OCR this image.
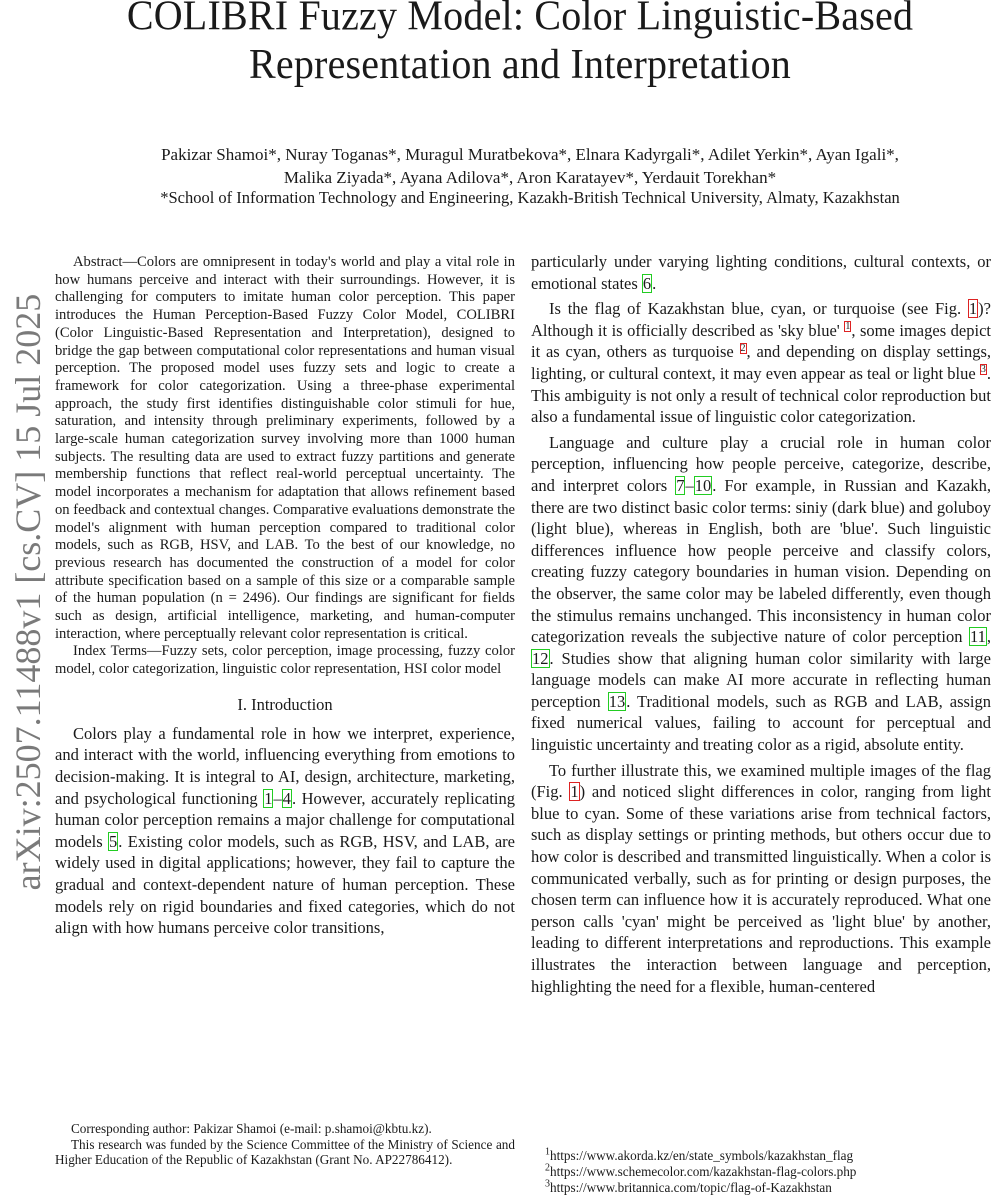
COLIBRI Fuzzy Model: Color Linguistic-Based
Representation and Interpretation
Pakizar Shamoi*, Nuray Toganas*, Muragul Muratbekova*, Elnara Kadyrgali*, Adilet Yerkin*, Ayan Igali*,
Malika Ziyada*, Ayana Adilova*, Aron Karatayev*, Yerdauit Torekhan*
*School of Information Technology and Engineering, Kazakh-British Technical University, Almaty, Kazakhstan
arXiv:2507.11488v1 [cs.CV] 15 Jul 2025

Abstract—Colors are omnipresent in today's world and play a vital role in how humans perceive and interact with their surroundings. However, it is challenging for computers to imitate human color perception. This paper introduces the Human Perception-Based Fuzzy Color Model, COLIBRI (Color Linguistic-Based Representation and Interpretation), designed to bridge the gap between computational color representations and human visual perception. The proposed model uses fuzzy sets and logic to create a framework for color categorization. Using a three-phase experimental approach, the study first identifies distinguishable color stimuli for hue, saturation, and intensity through preliminary experiments, followed by a large-scale human categorization survey involving more than 1000 human subjects. The resulting data are used to extract fuzzy partitions and generate membership functions that reflect real-world perceptual uncertainty. The model incorporates a mechanism for adaptation that allows refinement based on feedback and contextual changes. Comparative evaluations demonstrate the model's alignment with human perception compared to traditional color models, such as RGB, HSV, and LAB. To the best of our knowledge, no previous research has documented the construction of a model for color attribute specification based on a sample of this size or a comparable sample of the human population (n = 2496). Our findings are significant for fields such as design, artificial intelligence, marketing, and human-computer interaction, where perceptually relevant color representation is critical.

Index Terms—Fuzzy sets, color perception, image processing, fuzzy color model, color categorization, linguistic color representation, HSI color model

I. Introduction

Colors play a fundamental role in how we interpret, experience, and interact with the world, influencing everything from emotions to decision-making. It is integral to AI, design, architecture, marketing, and psychological functioning 1–4. However, accurately replicating human color perception remains a major challenge for computational models 5. Existing color models, such as RGB, HSV, and LAB, are widely used in digital applications; however, they fail to capture the gradual and context-dependent nature of human perception. These models rely on rigid boundaries and fixed categories, which do not align with how humans perceive color transitions,

Corresponding author: Pakizar Shamoi (e-mail: p.shamoi@kbtu.kz).

This research was funded by the Science Committee of the Ministry of Science and Higher Education of the Republic of Kazakhstan (Grant No. AP22786412).

particularly under varying lighting conditions, cultural contexts, or emotional states 6.

Is the flag of Kazakhstan blue, cyan, or turquoise (see Fig. 1)? Although it is officially described as 'sky blue' $^1$, some images depict it as cyan, others as turquoise $^2$, and depending on display settings, lighting, or cultural context, it may even appear as teal or light blue $^3$. This ambiguity is not only a result of technical color reproduction but also a fundamental issue of linguistic color categorization.

Language and culture play a crucial role in human color perception, influencing how people perceive, categorize, describe, and interpret colors 7–10. For example, in Russian and Kazakh, there are two distinct basic color terms: siniy (dark blue) and goluboy (light blue), whereas in English, both are 'blue'. Such linguistic differences influence how people perceive and classify colors, creating fuzzy category boundaries in human vision. Depending on the observer, the same color may be labeled differently, even though the stimulus remains unchanged. This inconsistency in human color categorization reveals the subjective nature of color perception 11, 12. Studies show that aligning human color similarity with large language models can make AI more accurate in reflecting human perception 13. Traditional models, such as RGB and LAB, assign fixed numerical values, failing to account for perceptual and linguistic uncertainty and treating color as a rigid, absolute entity.

To further illustrate this, we examined multiple images of the flag (Fig. 1) and noticed slight differences in color, ranging from light blue to cyan. Some of these variations arise from technical factors, such as display settings or printing methods, but others occur due to how color is described and transmitted linguistically. When a color is communicated verbally, such as for printing or design purposes, the chosen term can influence how it is accurately reproduced. What one person calls 'cyan' might be perceived as 'light blue' by another, leading to different interpretations and reproductions. This example illustrates the interaction between language and perception, highlighting the need for a flexible, human-centered

$^1$https://www.akorda.kz/en/state_symbols/kazakhstan_flag
$^2$https://www.schemecolor.com/kazakhstan-flag-colors.php
$^3$https://www.britannica.com/topic/flag-of-Kazakhstan
